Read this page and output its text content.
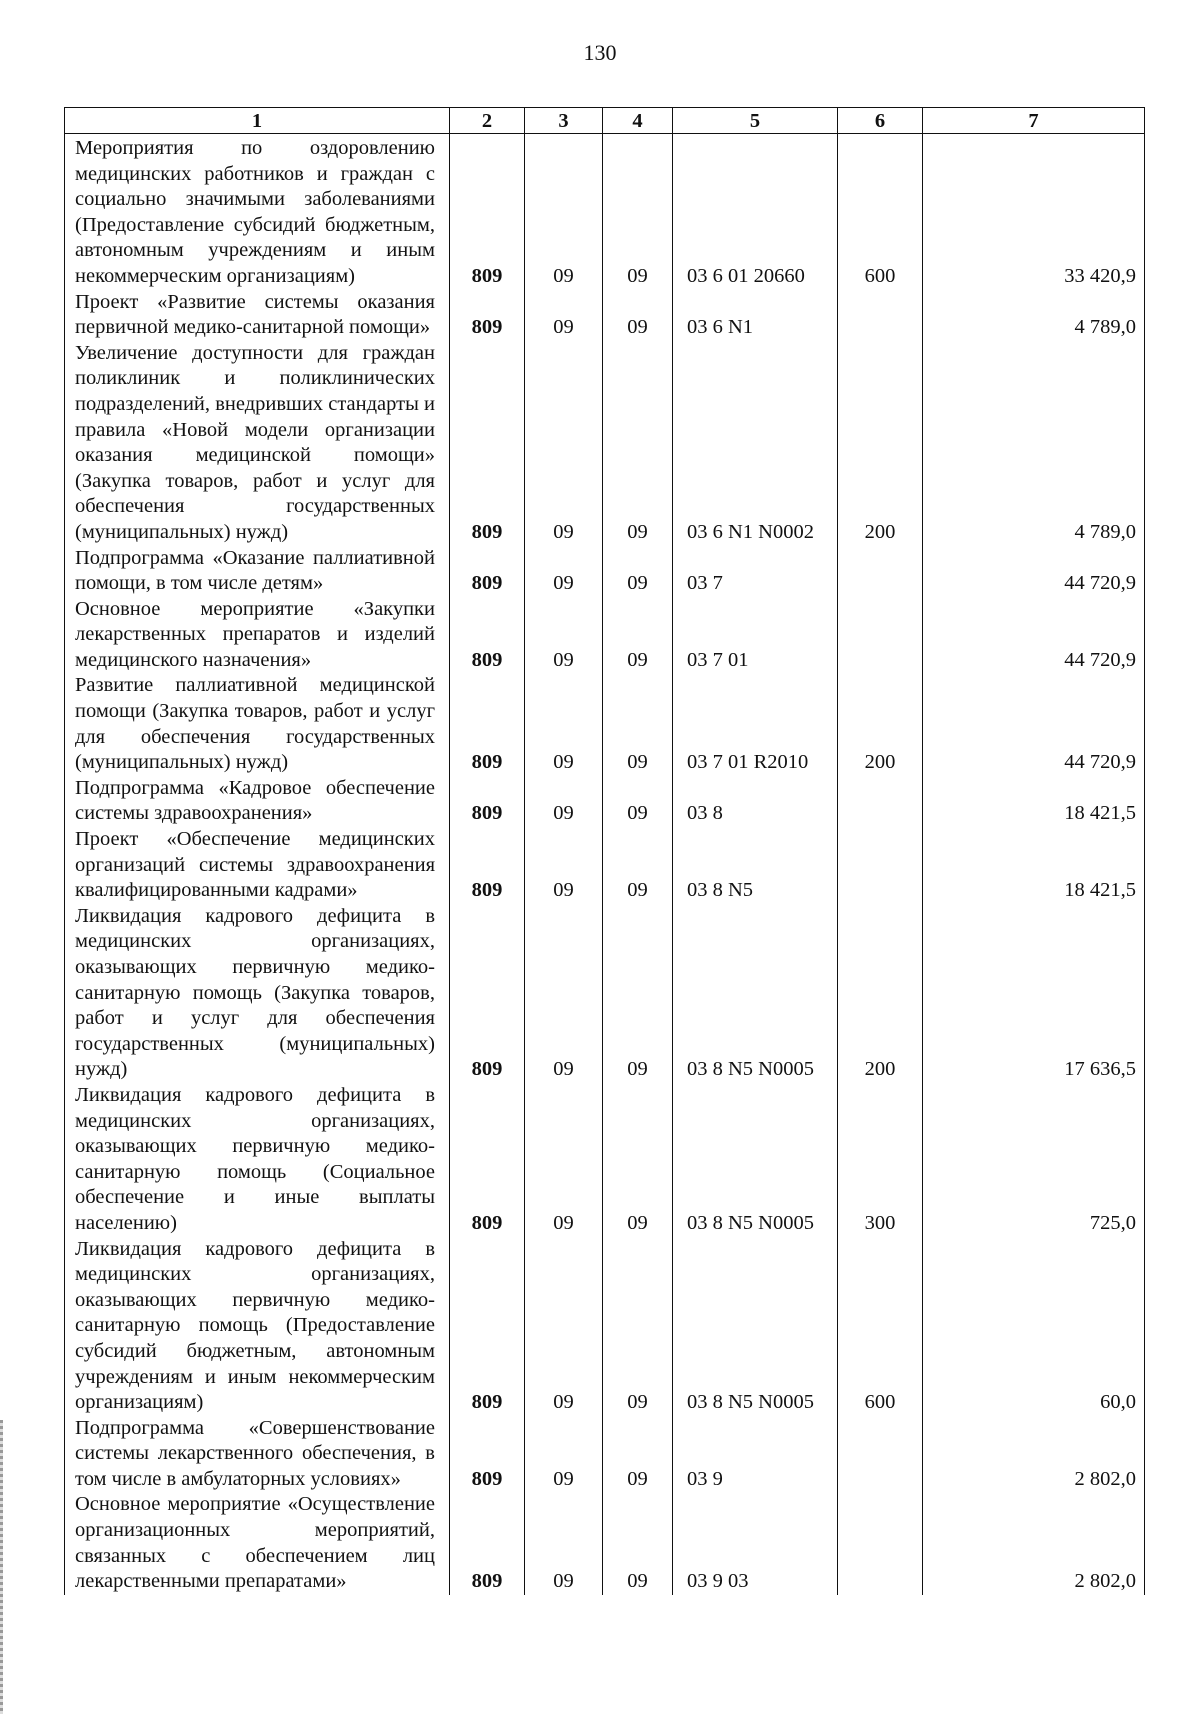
130
1	2	3	4	5	6	7
Мероприятия по оздоровлению медицинских работников и граждан с социально значимыми заболеваниями (Предоставление субсидий бюджетным, автономным учреждениям и иным некоммерческим организациям)	809	09	09	03 6 01 20660	600	33 420,9
Проект «Развитие системы оказания первичной медико-санитарной помощи»	809	09	09	03 6 N1		4 789,0
Увеличение доступности для граждан поликлиник и поликлинических подразделений, внедривших стандарты и правила «Новой модели организации оказания медицинской помощи» (Закупка товаров, работ и услуг для обеспечения государственных (муниципальных) нужд)	809	09	09	03 6 N1 N0002	200	4 789,0
Подпрограмма «Оказание паллиативной помощи, в том числе детям»	809	09	09	03 7		44 720,9
Основное мероприятие «Закупки лекарственных препаратов и изделий медицинского назначения»	809	09	09	03 7 01		44 720,9
Развитие паллиативной медицинской помощи (Закупка товаров, работ и услуг для обеспечения государственных (муниципальных) нужд)	809	09	09	03 7 01 R2010	200	44 720,9
Подпрограмма «Кадровое обеспечение системы здравоохранения»	809	09	09	03 8		18 421,5
Проект «Обеспечение медицинских организаций системы здравоохранения квалифицированными кадрами»	809	09	09	03 8 N5		18 421,5
Ликвидация кадрового дефицита в медицинских организациях, оказывающих первичную медико-санитарную помощь (Закупка товаров, работ и услуг для обеспечения государственных (муниципальных) нужд)	809	09	09	03 8 N5 N0005	200	17 636,5
Ликвидация кадрового дефицита в медицинских организациях, оказывающих первичную медико-санитарную помощь (Социальное обеспечение и иные выплаты населению)	809	09	09	03 8 N5 N0005	300	725,0
Ликвидация кадрового дефицита в медицинских организациях, оказывающих первичную медико-санитарную помощь (Предоставление субсидий бюджетным, автономным учреждениям и иным некоммерческим организациям)	809	09	09	03 8 N5 N0005	600	60,0
Подпрограмма «Совершенствование системы лекарственного обеспечения, в том числе в амбулаторных условиях»	809	09	09	03 9		2 802,0
Основное мероприятие «Осуществление организационных мероприятий, связанных с обеспечением лиц лекарственными препаратами»	809	09	09	03 9 03		2 802,0
